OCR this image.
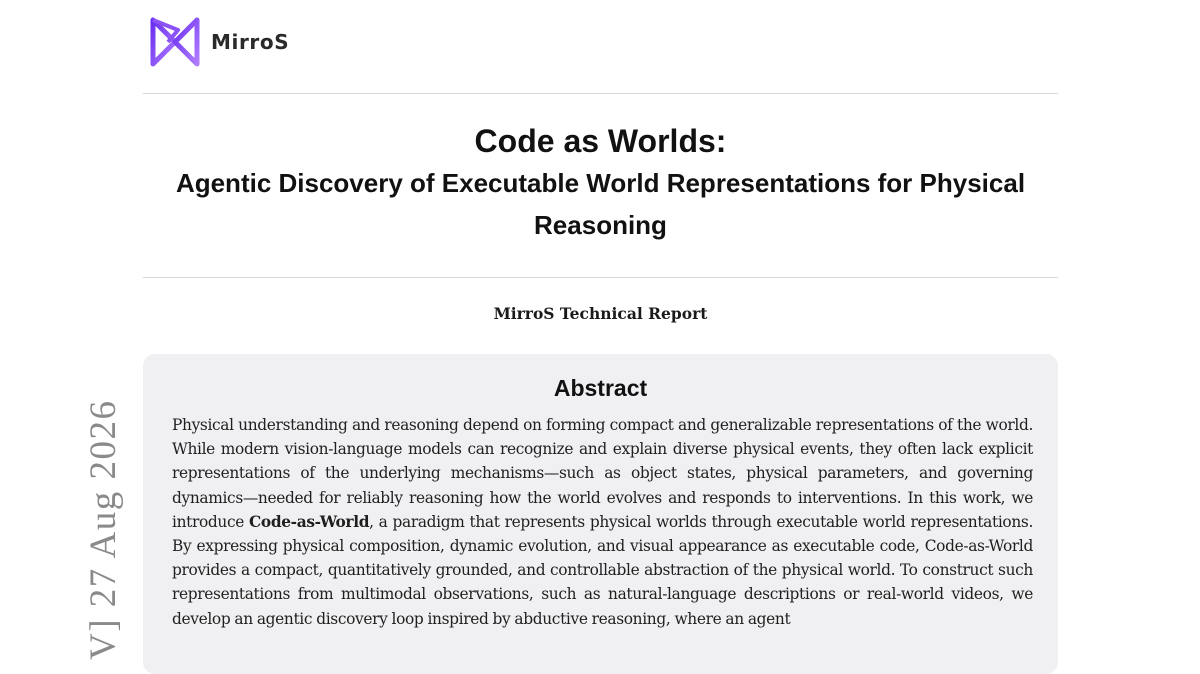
MirroS
Code as Worlds:
Agentic Discovery of Executable World Representations for Physical Reasoning
MirroS Technical Report
Abstract
Physical understanding and reasoning depend on forming compact and generalizable representations of the world. While modern vision-language models can recognize and explain diverse physical events, they often lack explicit representations of the underlying mechanisms—such as object states, physical parameters, and governing dynamics—needed for reliably reasoning how the world evolves and responds to interventions. In this work, we introduce Code-as-World, a paradigm that represents physical worlds through executable world representations. By expressing physical composition, dynamic evolution, and visual appearance as executable code, Code-as-World provides a compact, quantitatively grounded, and controllable abstraction of the physical world. To construct such representations from multimodal observations, such as natural-language descriptions or real-world videos, we develop an agentic discovery loop inspired by abductive reasoning, where an agent
V] 27 Aug 2026
